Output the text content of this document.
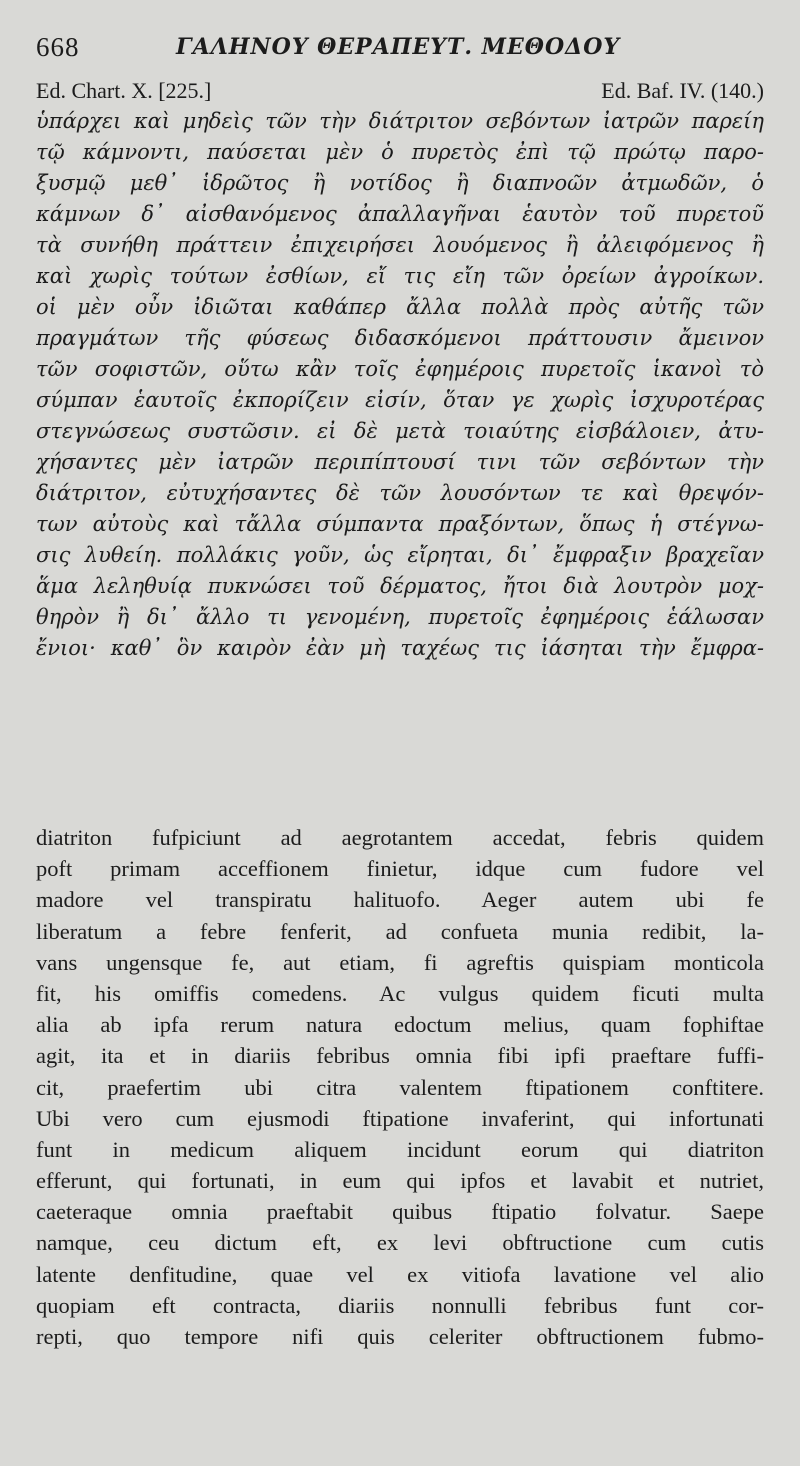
668	ΓΑΛΗΝΟΥ ΘΕΡΑΠΕΥΤ. ΜΕΘΟΔΟΥ
Ed. Chart. X. [225.]	Ed. Baf. IV. (140.)
ὑπάρχει καὶ μηδεὶς τῶν τὴν διάτριτον σεβόντων ἰατρῶν παρείη
τῷ κάμνοντι, παύσεται μὲν ὁ πυρετὸς ἐπὶ τῷ πρώτῳ παρο-
ξυσμῷ μεθ᾽ ἱδρῶτος ἢ νοτίδος ἢ διαπνοῶν ἀτμωδῶν, ὁ
κάμνων δ᾽ αἰσθανόμενος ἀπαλλαγῆναι ἑαυτὸν τοῦ πυρετοῦ
τὰ συνήθη πράττειν ἐπιχειρήσει λουόμενος ἢ ἀλειφόμενος ἢ
καὶ χωρὶς τούτων ἐσθίων, εἴ τις εἴη τῶν ὀρείων ἀγροίκων.
οἱ μὲν οὖν ἰδιῶται καθάπερ ἄλλα πολλὰ πρὸς αὐτῆς τῶν
πραγμάτων τῆς φύσεως διδασκόμενοι πράττουσιν ἄμεινον
τῶν σοφιστῶν, οὕτω κἂν τοῖς ἐφημέροις πυρετοῖς ἱκανοὶ τὸ
σύμπαν ἑαυτοῖς ἐκπορίζειν εἰσίν, ὅταν γε χωρὶς ἰσχυροτέρας
στεγνώσεως συστῶσιν. εἰ δὲ μετὰ τοιαύτης εἰσβάλοιεν, ἀτυ-
χήσαντες μὲν ἰατρῶν περιπίπτουσί τινι τῶν σεβόντων τὴν
διάτριτον, εὐτυχήσαντες δὲ τῶν λουσόντων τε καὶ θρεψόν-
των αὐτοὺς καὶ τἄλλα σύμπαντα πραξόντων, ὅπως ἡ στέγνω-
σις λυθείη. πολλάκις γοῦν, ὡς εἴρηται, δι᾽ ἔμφραξιν βραχεῖαν
ἅμα λεληθυίᾳ πυκνώσει τοῦ δέρματος, ἤτοι διὰ λουτρὸν μοχ-
θηρὸν ἢ δι᾽ ἄλλο τι γενομένη, πυρετοῖς ἐφημέροις ἑάλωσαν
ἔνιοι· καθ᾽ ὃν καιρὸν ἐὰν μὴ ταχέως τις ἰάσηται τὴν ἔμφρα-
diatriton fufpiciunt ad aegrotantem accedat, febris quidem
poft primam acceffionem finietur, idque cum fudore vel
madore vel transpiratu halituofo. Aeger autem ubi fe
liberatum a febre fenferit, ad confueta munia redibit, la-
vans ungensque fe, aut etiam, fi agreftis quispiam monticola
fit, his omiffis comedens. Ac vulgus quidem ficuti multa
alia ab ipfa rerum natura edoctum melius, quam fophiftae
agit, ita et in diariis febribus omnia fibi ipfi praeftare fuffi-
cit, praefertim ubi citra valentem ftipationem conftitere.
Ubi vero cum ejusmodi ftipatione invaferint, qui infortunati
funt in medicum aliquem incidunt eorum qui diatriton
efferunt, qui fortunati, in eum qui ipfos et lavabit et nutriet,
caeteraque omnia praeftabit quibus ftipatio folvatur. Saepe
namque, ceu dictum eft, ex levi obftructione cum cutis
latente denfitudine, quae vel ex vitiofa lavatione vel alio
quopiam eft contracta, diariis nonnulli febribus funt cor-
repti, quo tempore nifi quis celeriter obftructionem fubmo-
